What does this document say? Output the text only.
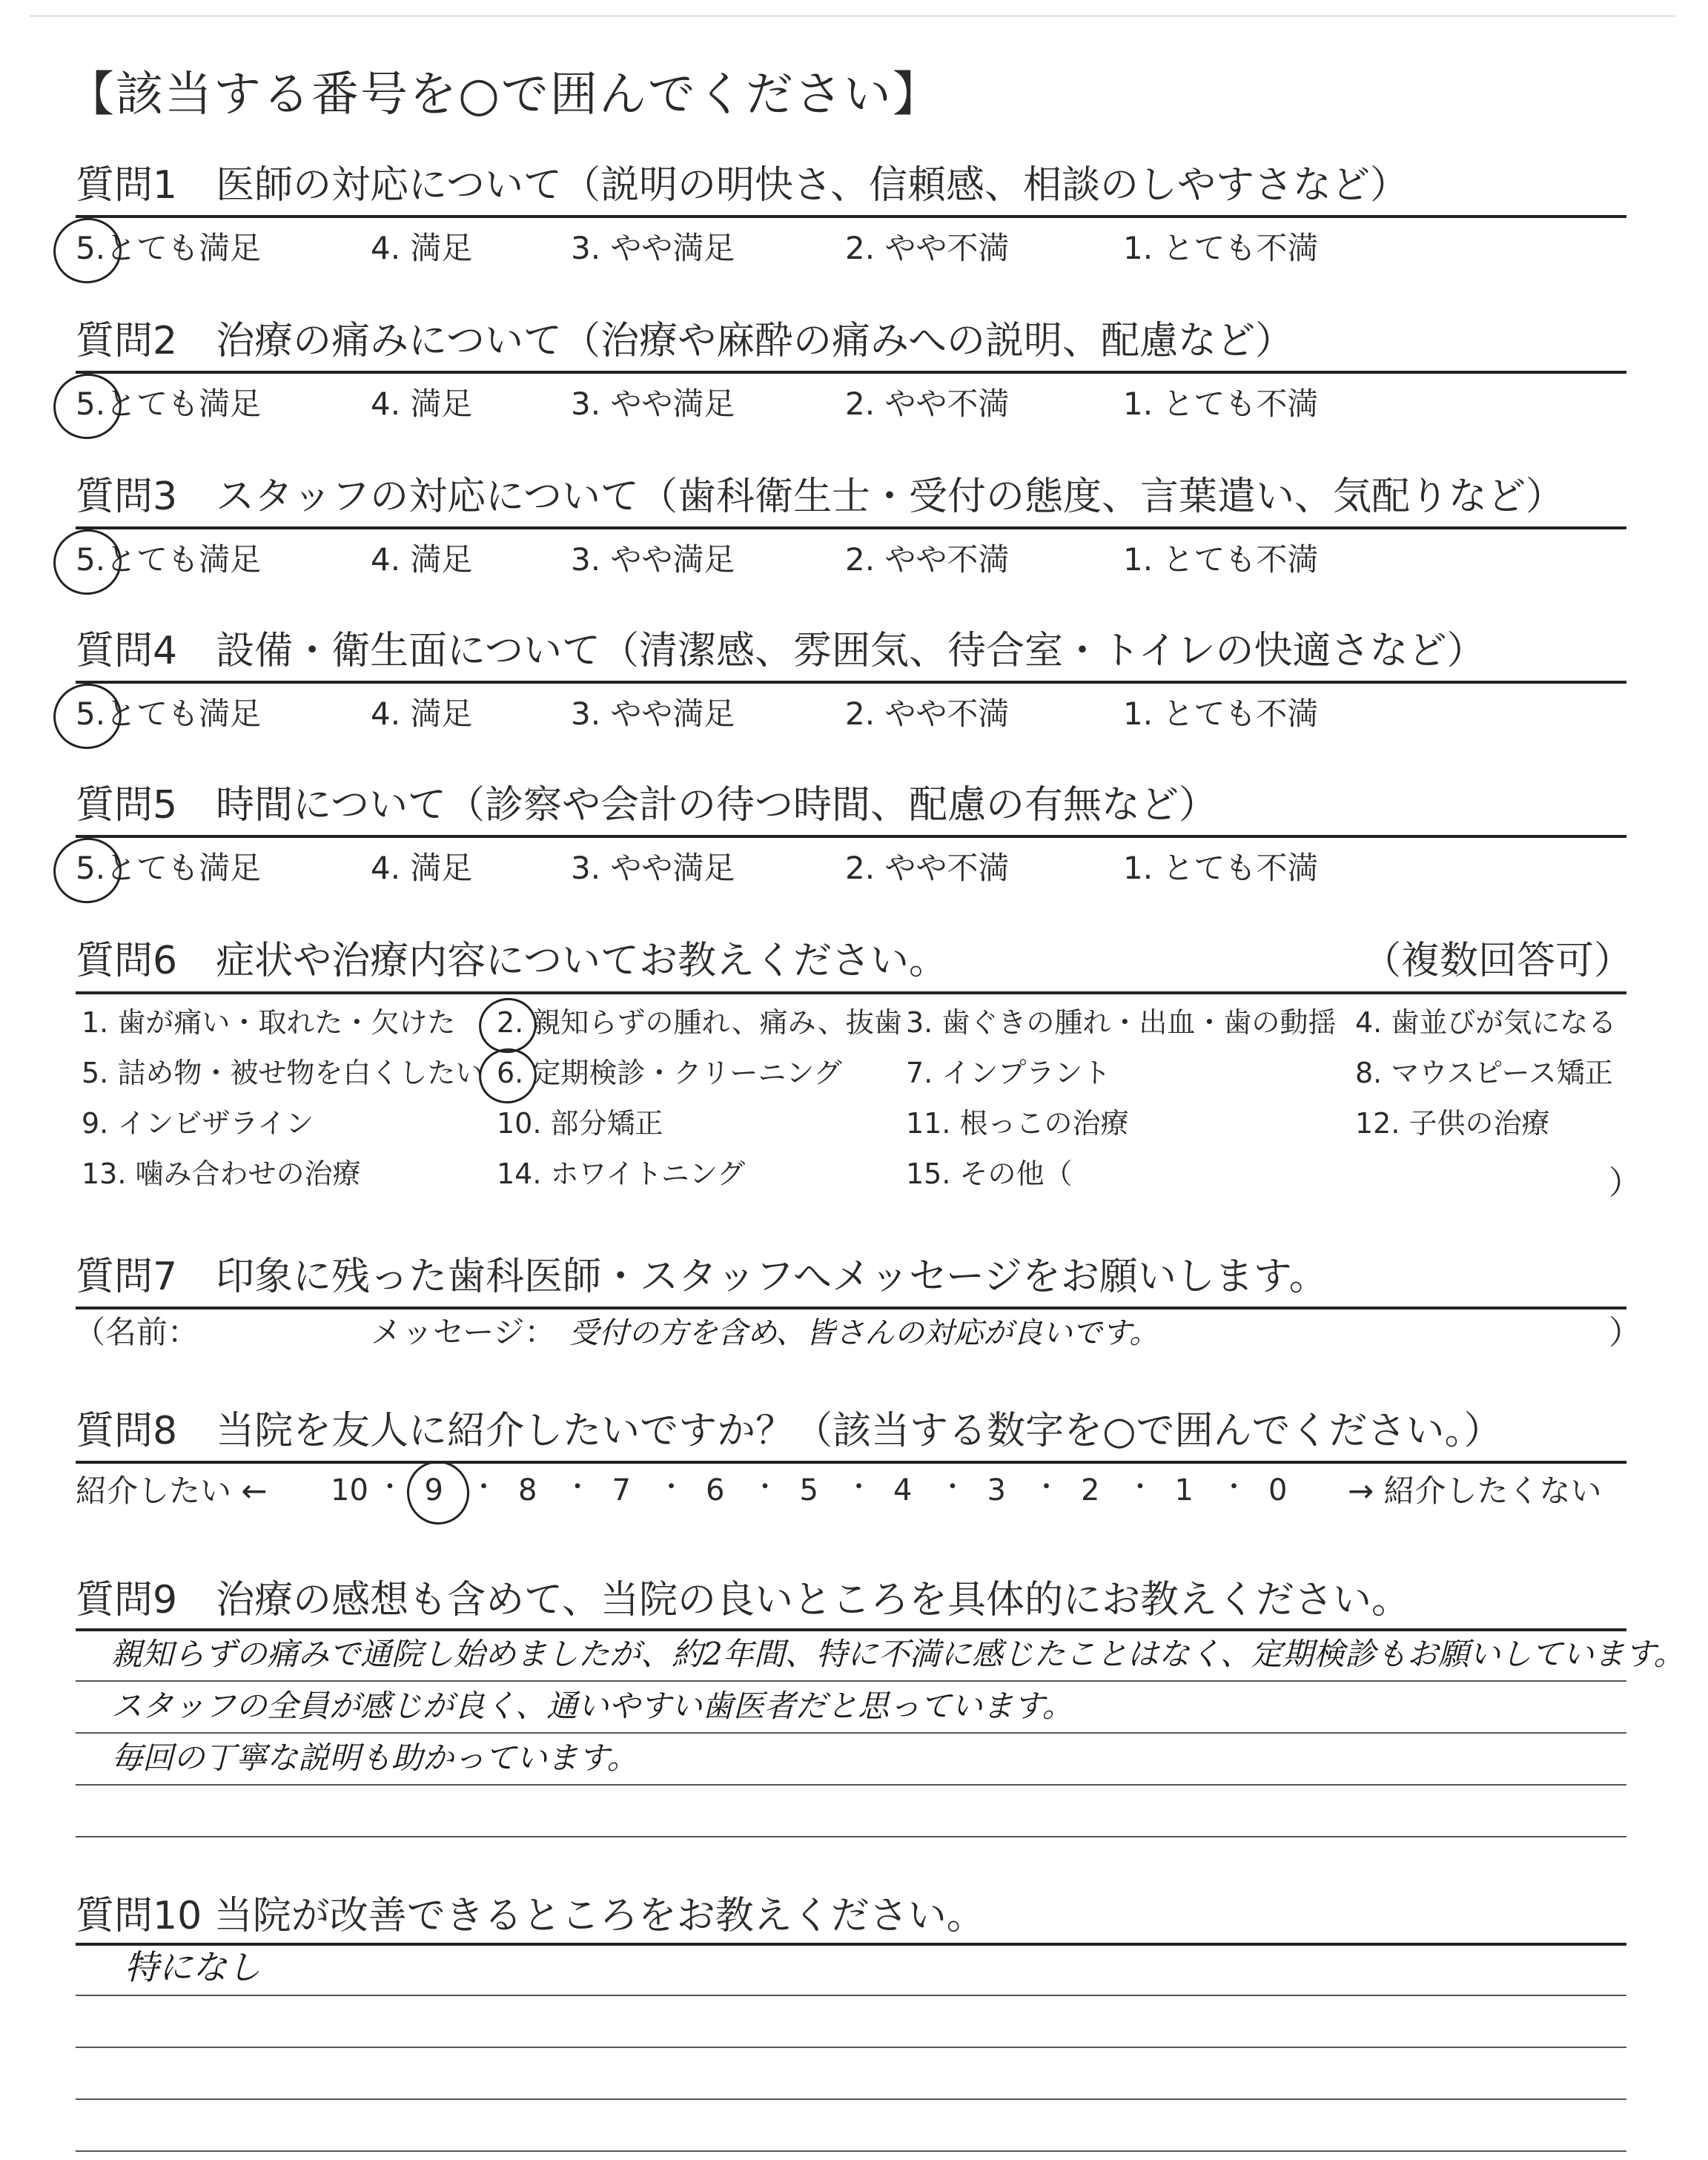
【該当する番号を○で囲んでください】
質問1　医師の対応について（説明の明快さ、信頼感、相談のしやすさなど）
5.とても満足	4. 満足	3. やや満足	2. やや不満	1. とても不満
質問2　治療の痛みについて（治療や麻酔の痛みへの説明、配慮など）
5.とても満足	4. 満足	3. やや満足	2. やや不満	1. とても不満
質問3　スタッフの対応について（歯科衛生士・受付の態度、言葉遣い、気配りなど）
5.とても満足	4. 満足	3. やや満足	2. やや不満	1. とても不満
質問4　設備・衛生面について（清潔感、雰囲気、待合室・トイレの快適さなど）
5.とても満足	4. 満足	3. やや満足	2. やや不満	1. とても不満
質問5　時間について（診察や会計の待つ時間、配慮の有無など）
5.とても満足	4. 満足	3. やや満足	2. やや不満	1. とても不満
質問6　症状や治療内容についてお教えください。	（複数回答可）
1. 歯が痛い・取れた・欠けた 2. 親知らずの腫れ、痛み、抜歯 3. 歯ぐきの腫れ・出血・歯の動揺 4. 歯並びが気になる
5. 詰め物・被せ物を白くしたい 6. 定期検診・クリーニング 7. インプラント	8. マウスピース矯正
9. インビザライン	10. 部分矯正	11. 根っこの治療	12. 子供の治療
13. 噛み合わせの治療	14. ホワイトニング	15. その他（	）
質問7　印象に残った歯科医師・スタッフへメッセージをお願いします。
（名前：	メッセージ： 受付の方を含め、皆さんの対応が良いです。	）
質問8　当院を友人に紹介したいですか？（該当する数字を○で囲んでください。）
紹介したい ←	→ 紹介したくない
10 ・ 9 ・ 8 ・ 7 ・ 6 ・ 5 ・ 4 ・ 3 ・ 2 ・ 1 ・ 0
質問9　治療の感想も含めて、当院の良いところを具体的にお教えください。
親知らずの痛みで通院し始めましたが、約2年間、特に不満に感じたことはなく、定期検診もお願いしています。
スタッフの全員が感じが良く、通いやすい歯医者だと思っています。
毎回の丁寧な説明も助かっています。
質問10 当院が改善できるところをお教えください。
特になし
